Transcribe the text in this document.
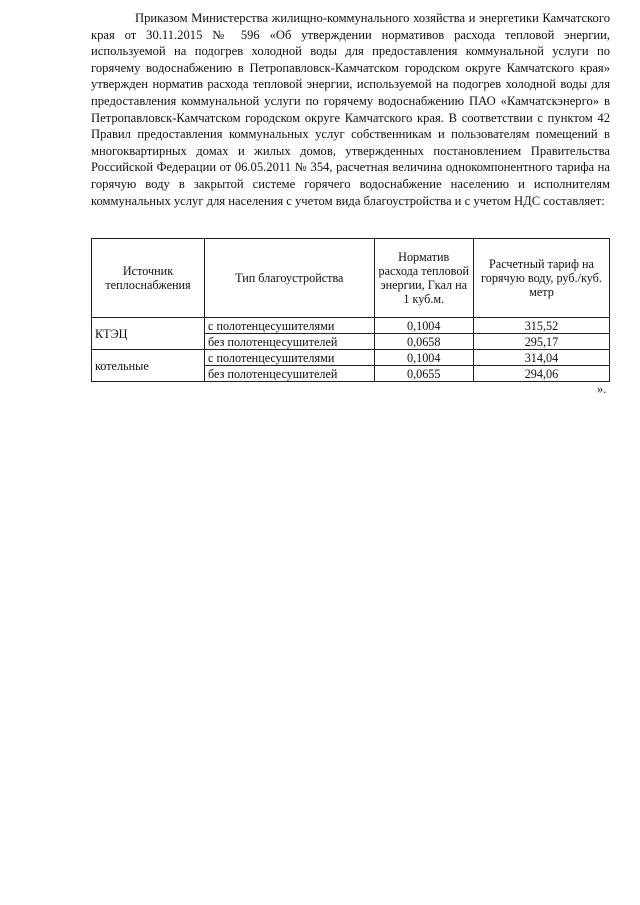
Приказом Министерства жилищно-коммунального хозяйства и энергетики Камчатского края от 30.11.2015 № 596 «Об утверждении нормативов расхода тепловой энергии, используемой на подогрев холодной воды для предоставления коммунальной услуги по горячему водоснабжению в Петропавловск-Камчатском городском округе Камчатского края» утвержден норматив расхода тепловой энергии, используемой на подогрев холодной воды для предоставления коммунальной услуги по горячему водоснабжению ПАО «Камчатскэнерго» в Петропавловск-Камчатском городском округе Камчатского края. В соответствии с пунктом 42 Правил предоставления коммунальных услуг собственникам и пользователям помещений в многоквартирных домах и жилых домов, утвержденных постановлением Правительства Российской Федерации от 06.05.2011 № 354, расчетная величина однокомпонентного тарифа на горячую воду в закрытой системе горячего водоснабжение населению и исполнителям коммунальных услуг для населения с учетом вида благоустройства и с учетом НДС составляет:

Источник теплоснабжения	Тип благоустройства	Норматив расхода тепловой энергии, Гкал на 1 куб.м.	Расчетный тариф на горячую воду, руб./куб. метр
КТЭЦ	с полотенцесушителями	0,1004	315,52
	без полотенцесушителей	0,0658	295,17
котельные	с полотенцесушителями	0,1004	314,04
	без полотенцесушителей	0,0655	294,06
».
